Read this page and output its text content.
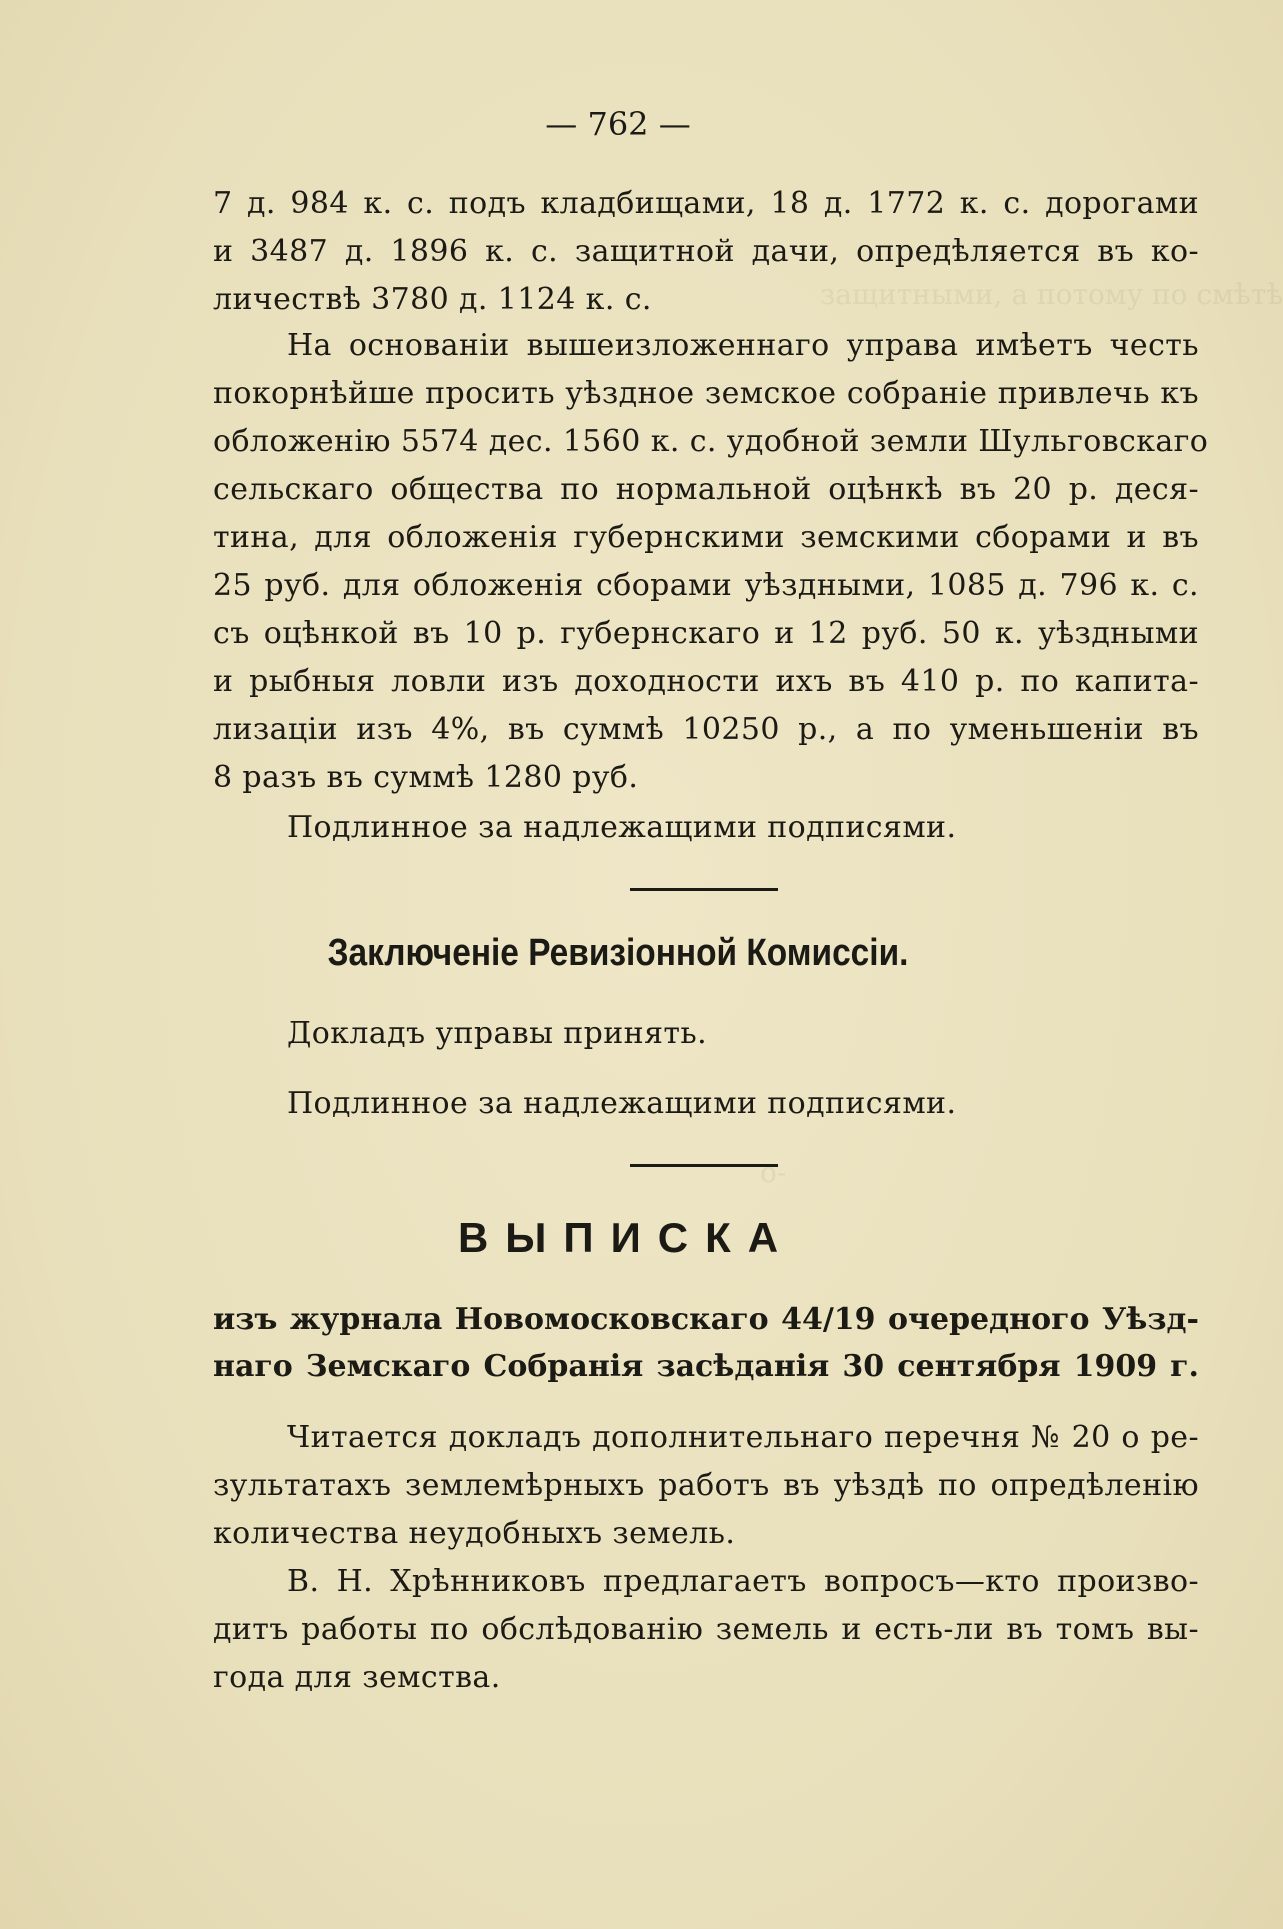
защитными, а потому по смѣтѣ
о-
— 762 —
7 д. 984 к. с. подъ кладбищами, 18 д. 1772 к. с. дорогами
и 3487 д. 1896 к. с. защитной дачи, опредѣляется въ ко-
личествѣ 3780 д. 1124 к. с.
На основанiи вышеизложеннаго управа имѣетъ честь
покорнѣйше просить уѣздное земское собранiе привлечь къ
обложенiю 5574 дес. 1560 к. с. удобной земли Шульговскаго
сельскаго общества по нормальной оцѣнкѣ въ 20 р. деся-
тина, для обложенiя губернскими земскими сборами и въ
25 руб. для обложенiя сборами уѣздными, 1085 д. 796 к. с.
съ оцѣнкой въ 10 р. губернскаго и 12 руб. 50 к. уѣздными
и рыбныя ловли изъ доходности ихъ въ 410 р. по капита-
лизацiи изъ 4%, въ суммѣ 10250 р., а по уменьшенiи въ
8 разъ въ суммѣ 1280 руб.
Подлинное за надлежащими подписями.
Заключенiе Ревизiонной Комиссiи.
Докладъ управы принять.
Подлинное за надлежащими подписями.
ВЫПИСКА
изъ журнала Новомосковскаго 44/19 очередного Уѣзд-
наго Земскаго Собранiя засѣданiя 30 сентября 1909 г.
Читается докладъ дополнительнаго перечня № 20 о ре-
зультатахъ землемѣрныхъ работъ въ уѣздѣ по опредѣленiю
количества неудобныхъ земель.
В. Н. Хрѣнниковъ предлагаетъ вопросъ—кто произво-
дитъ работы по обслѣдованiю земель и есть-ли въ томъ вы-
года для земства.
